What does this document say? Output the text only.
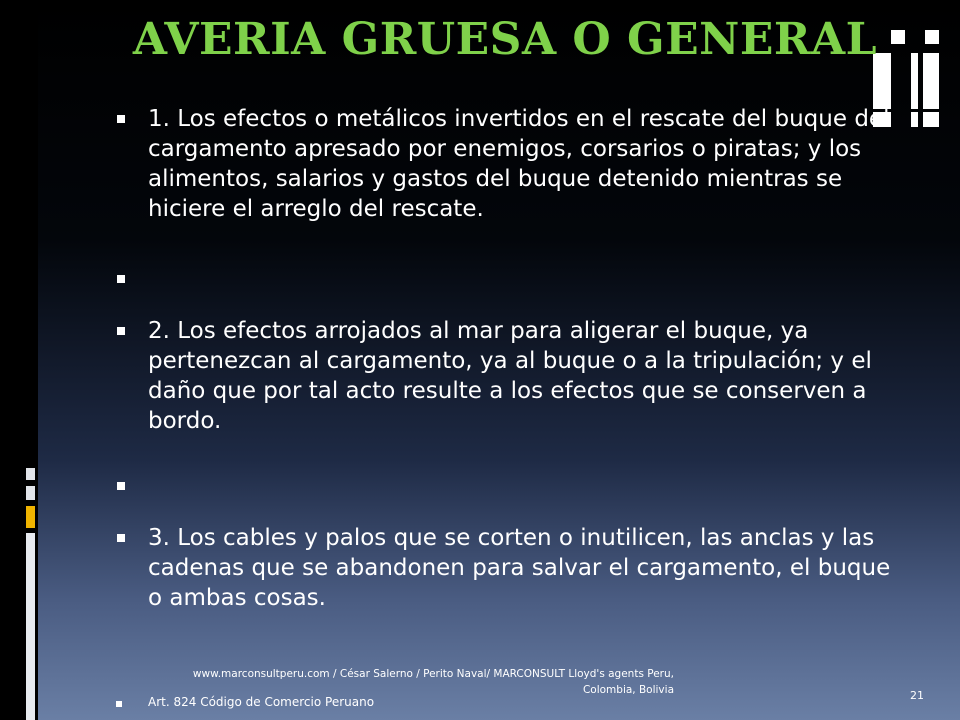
AVERIA GRUESA O GENERAL
1. Los efectos o metálicos invertidos en el rescate del buque del cargamento apresado por enemigos, corsarios o piratas; y los alimentos, salarios y gastos del buque detenido mientras se hiciere el arreglo del rescate.
2. Los efectos arrojados al mar para aligerar el buque, ya pertenezcan al cargamento, ya al buque o a la tripulación; y el daño que por tal acto resulte a los efectos que se conserven a bordo.
3. Los cables y palos que se corten o inutilicen, las anclas y las cadenas que se abandonen para salvar el cargamento, el buque o ambas cosas.
www.marconsultperu.com / César Salerno / Perito Naval/ MARCONSULT Lloyd's agents Peru,
Colombia, Bolivia	21
Art. 824 Código de Comercio Peruano
